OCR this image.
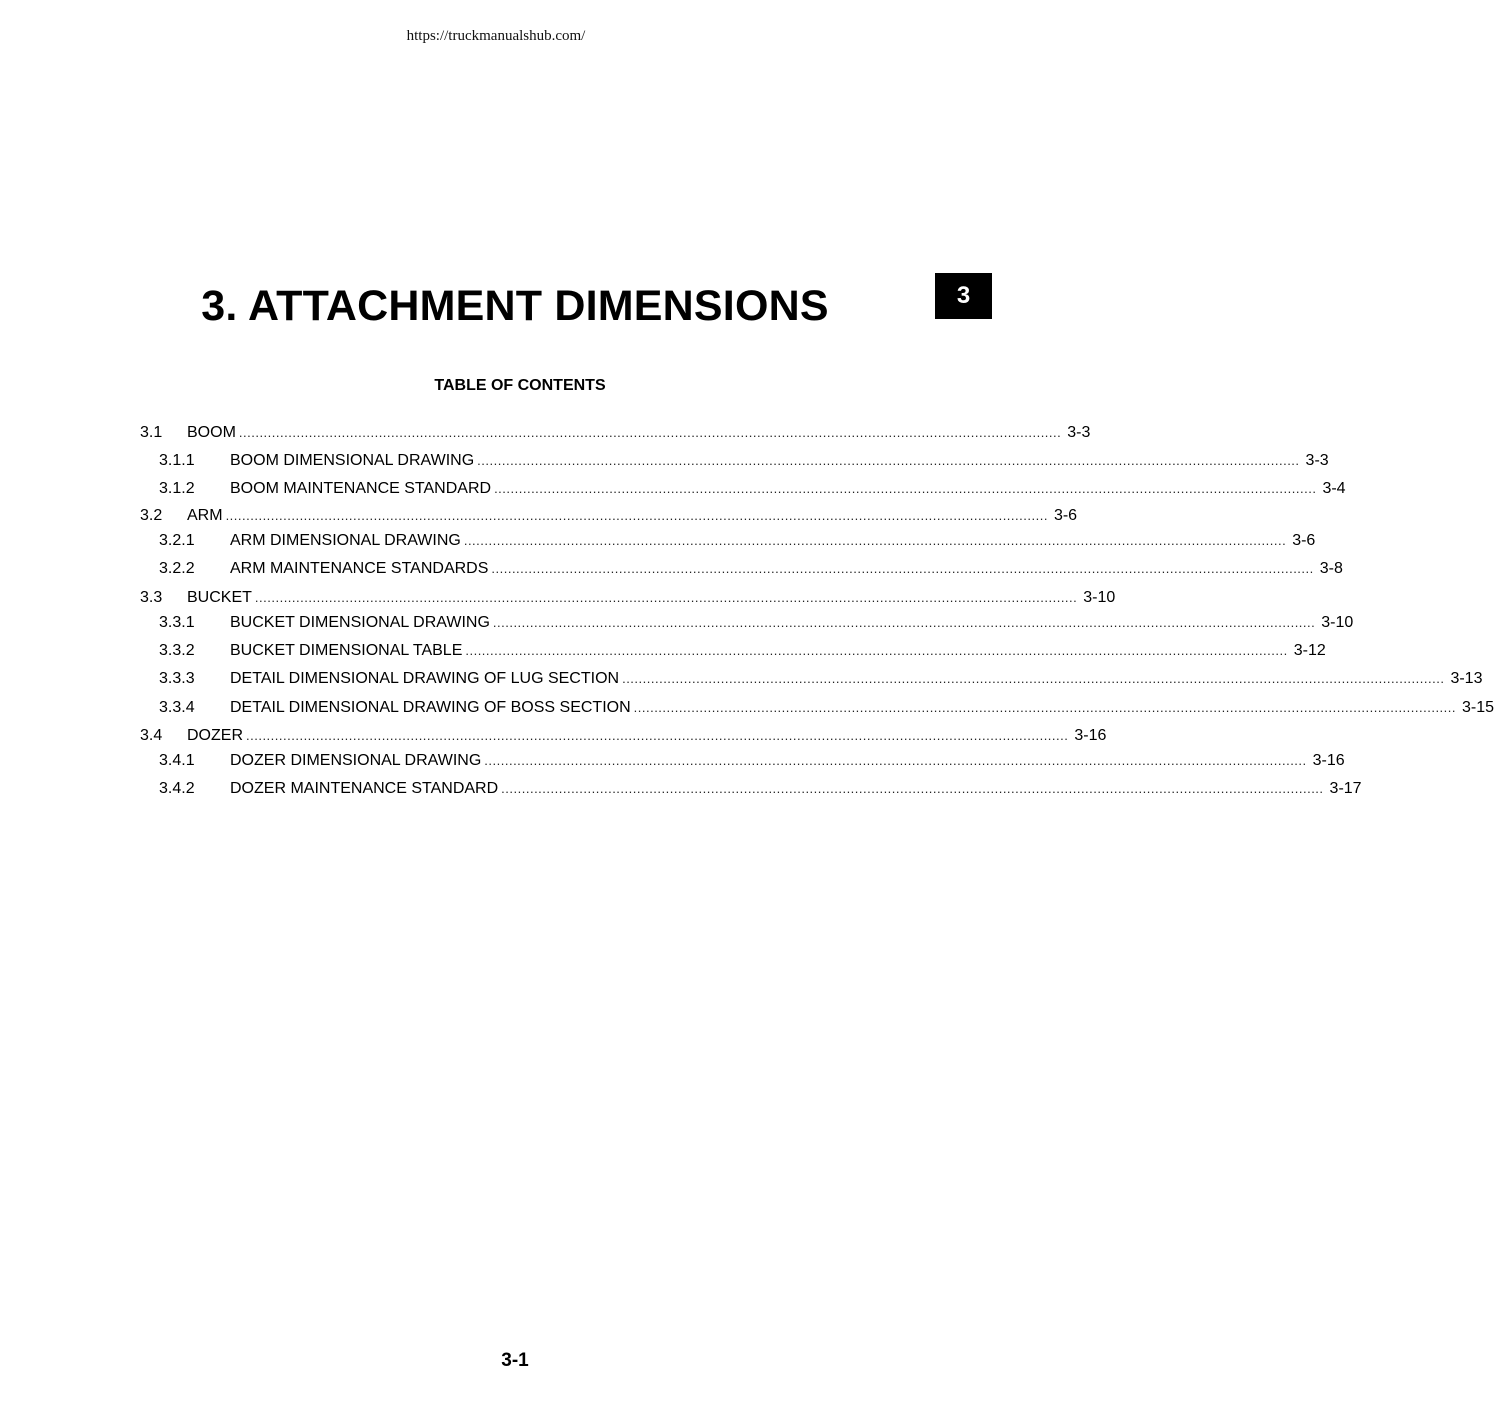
https://truckmanualshub.com/
3. ATTACHMENT DIMENSIONS	3
TABLE OF CONTENTS
3.1	BOOM ........................................................................................................................................................................................................ 3-3
3.1.1	BOOM DIMENSIONAL DRAWING ........................................................................................................................................................................................................ 3-3
3.1.2	BOOM MAINTENANCE STANDARD ........................................................................................................................................................................................................ 3-4
3.2	ARM ........................................................................................................................................................................................................ 3-6
3.2.1	ARM DIMENSIONAL DRAWING ........................................................................................................................................................................................................ 3-6
3.2.2	ARM MAINTENANCE STANDARDS ........................................................................................................................................................................................................ 3-8
3.3	BUCKET ........................................................................................................................................................................................................ 3-10
3.3.1	BUCKET DIMENSIONAL DRAWING ........................................................................................................................................................................................................ 3-10
3.3.2	BUCKET DIMENSIONAL TABLE ........................................................................................................................................................................................................ 3-12
3.3.3	DETAIL DIMENSIONAL DRAWING OF LUG SECTION ........................................................................................................................................................................................................ 3-13
3.3.4	DETAIL DIMENSIONAL DRAWING OF BOSS SECTION ........................................................................................................................................................................................................ 3-15
3.4	DOZER ........................................................................................................................................................................................................ 3-16
3.4.1	DOZER DIMENSIONAL DRAWING ........................................................................................................................................................................................................ 3-16
3.4.2	DOZER MAINTENANCE STANDARD ........................................................................................................................................................................................................ 3-17
3-1
